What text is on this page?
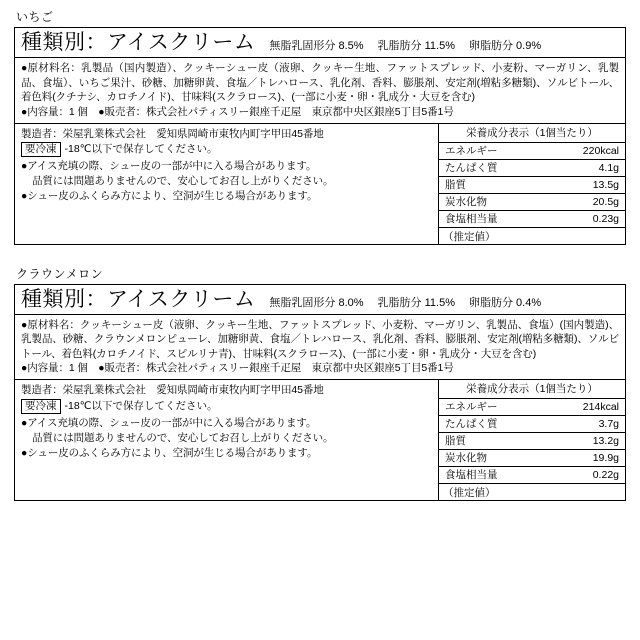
いちご
種類別：アイスクリーム 無脂乳固形分 8.5% 乳脂肪分 11.5% 卵脂肪分 0.9%

●原材料名：乳製品（国内製造）、クッキーシュー皮（液卵、クッキー生地、ファットスプレッド、小麦粉、マーガリン、乳製品、食塩）、いちご果汁、砂糖、加糖卵黄、食塩／トレハロース、乳化剤、香料、膨脹剤、安定剤(増粘多糖類)、ソルビトール、着色料(クチナシ、カロチノイド)、甘味料(スクラロース)、(一部に小麦・卵・乳成分・大豆を含む)

●内容量：1 個　●販売者：株式会社パティスリー銀座千疋屋　東京都中央区銀座5丁目5番1号

製造者：栄屋乳業株式会社　愛知県岡崎市東牧内町字甲田45番地

要冷凍 -18℃以下で保存してください。

●アイス充填の際、シュー皮の一部が中に入る場合があります。

品質には問題ありませんので、安心してお召し上がりください。

●シュー皮のふくらみ方により、空洞が生じる場合があります。

栄養成分表示（1個当たり）
エネルギー	220kcal
たんぱく質	4.1g
脂質	13.5g
炭水化物	20.5g
食塩相当量	0.23g
（推定値）
クラウンメロン
種類別：アイスクリーム 無脂乳固形分 8.0% 乳脂肪分 11.5% 卵脂肪分 0.4%

●原材料名：クッキーシュー皮（液卵、クッキー生地、ファットスプレッド、小麦粉、マーガリン、乳製品、食塩）(国内製造)、乳製品、砂糖、クラウンメロンピューレ、加糖卵黄、食塩／トレハロース、乳化剤、香料、膨脹剤、安定剤(増粘多糖類)、ソルビトール、着色料(カロチノイド、スピルリナ青)、甘味料(スクラロース)、(一部に小麦・卵・乳成分・大豆を含む)

●内容量：1 個　●販売者：株式会社パティスリー銀座千疋屋　東京都中央区銀座5丁目5番1号

製造者：栄屋乳業株式会社　愛知県岡崎市東牧内町字甲田45番地

要冷凍 -18℃以下で保存してください。

●アイス充填の際、シュー皮の一部が中に入る場合があります。

品質には問題ありませんので、安心してお召し上がりください。

●シュー皮のふくらみ方により、空洞が生じる場合があります。

栄養成分表示（1個当たり）
エネルギー	214kcal
たんぱく質	3.7g
脂質	13.2g
炭水化物	19.9g
食塩相当量	0.22g
（推定値）
